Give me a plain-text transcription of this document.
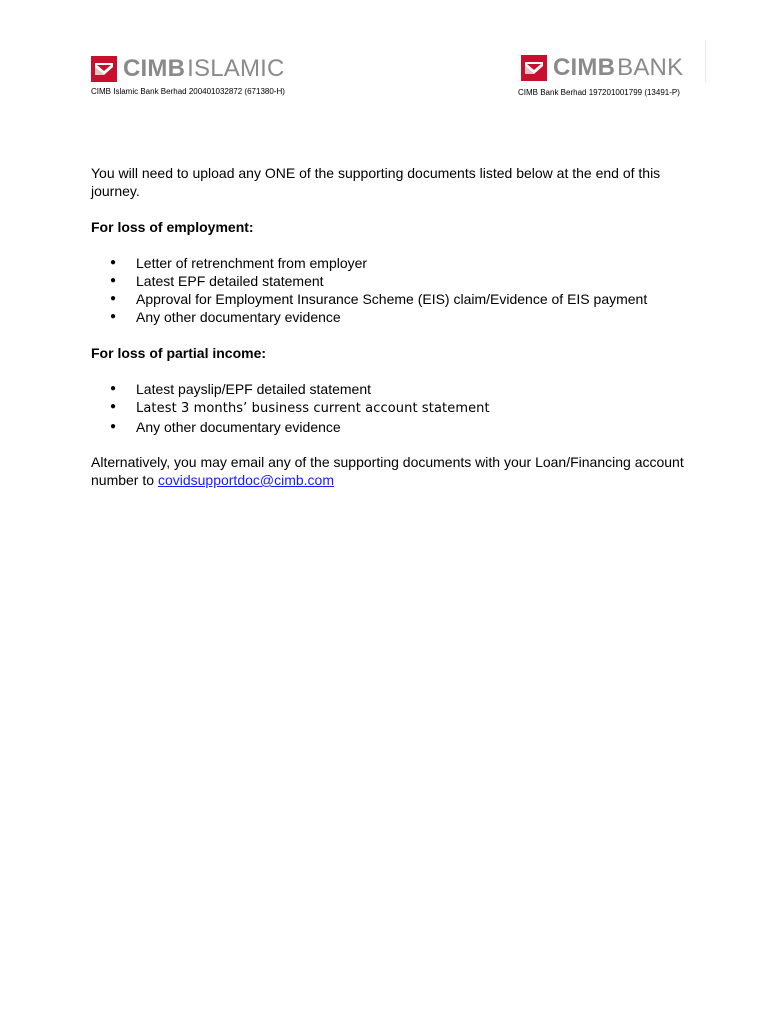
CIMB ISLAMIC
CIMB Islamic Bank Berhad 200401032872 (671380-H)
CIMB BANK
CIMB Bank Berhad 197201001799 (13491-P)

You will need to upload any ONE of the supporting documents listed below at the end of this journey.

For loss of employment:

● Letter of retrenchment from employer
● Latest EPF detailed statement
● Approval for Employment Insurance Scheme (EIS) claim/Evidence of EIS payment
● Any other documentary evidence

For loss of partial income:

● Latest payslip/EPF detailed statement
● Latest 3 months’ business current account statement
● Any other documentary evidence

Alternatively, you may email any of the supporting documents with your Loan/Financing account number to covidsupportdoc@cimb.com
